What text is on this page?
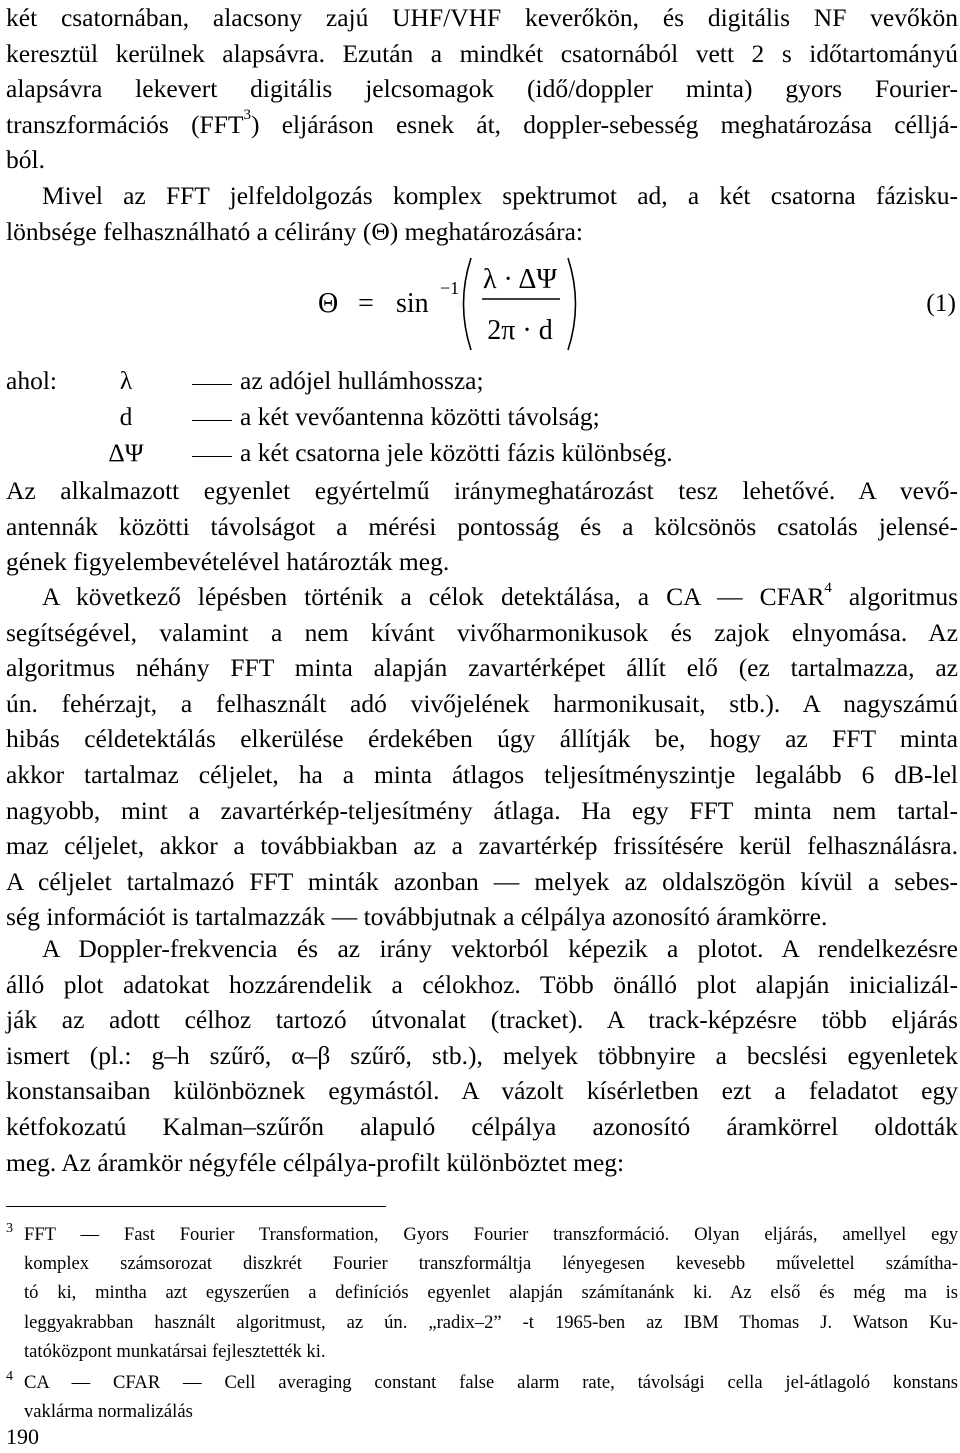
két csatornában, alacsony zajú UHF/VHF keverőkön, és digitális NF vevőkön
keresztül kerülnek alapsávra. Ezután a mindkét csatornából vett 2 s időtartományú
alapsávra lekevert digitális jelcsomagok (idő/doppler minta) gyors Fourier-
transzformációs (FFT$^3$) eljáráson esnek át, doppler-sebesség meghatározása célljá-
ból.
Mivel az FFT jelfeldolgozás komplex spektrumot ad, a két csatorna fázisku-
lönbsége felhasználható a célirány (Θ) meghatározására:
Θ = sin −1 λ · ΔΨ
2π · d
(1)
ahol:	λ	az adójel hullámhossza;
d	a két vevőantenna közötti távolság;
ΔΨ	a két csatorna jele közötti fázis különbség.
Az alkalmazott egyenlet egyértelmű iránymeghatározást tesz lehetővé. A vevő-
antennák közötti távolságot a mérési pontosság és a kölcsönös csatolás jelensé-
gének figyelembevételével határozták meg.
A következő lépésben történik a célok detektálása, a CA — CFAR$^4$ algoritmus
segítségével, valamint a nem kívánt vivőharmonikusok és zajok elnyomása. Az
algoritmus néhány FFT minta alapján zavartérképet állít elő (ez tartalmazza, az
ún. fehérzajt, a felhasznált adó vivőjelének harmonikusait, stb.). A nagyszámú
hibás céldetektálás elkerülése érdekében úgy állítják be, hogy az FFT minta
akkor tartalmaz céljelet, ha a minta átlagos teljesítményszintje legalább 6 dB-lel
nagyobb, mint a zavartérkép-teljesítmény átlaga. Ha egy FFT minta nem tartal-
maz céljelet, akkor a továbbiakban az a zavartérkép frissítésére kerül felhasználásra.
A céljelet tartalmazó FFT minták azonban — melyek az oldalszögön kívül a sebes-
ség információt is tartalmazzák — továbbjutnak a célpálya azonosító áramkörre.
A Doppler-frekvencia és az irány vektorból képezik a plotot. A rendelkezésre
álló plot adatokat hozzárendelik a célokhoz. Több önálló plot alapján inicializál-
ják az adott célhoz tartozó útvonalat (tracket). A track-képzésre több eljárás
ismert (pl.: g–h szűrő, α–β szűrő, stb.), melyek többnyire a becslési egyenletek
konstansaiban különböznek egymástól. A vázolt kísérletben ezt a feladatot egy
kétfokozatú Kalman–szűrőn alapuló célpálya azonosító áramkörrel oldották
meg. Az áramkör négyféle célpálya-profilt különböztet meg:
3 FFT — Fast Fourier Transformation, Gyors Fourier transzformáció. Olyan eljárás, amellyel egy
komplex számsorozat diszkrét Fourier transzformáltja lényegesen kevesebb művelettel számítha-
tó ki, mintha azt egyszerűen a definíciós egyenlet alapján számítanánk ki. Az első és még ma is
leggyakrabban használt algoritmust, az ún. „radix–2” -t 1965-ben az IBM Thomas J. Watson Ku-
tatóközpont munkatársai fejlesztették ki.
4 CA — CFAR — Cell averaging constant false alarm rate, távolsági cella jel-átlagoló konstans
vaklárma normalizálás
190
